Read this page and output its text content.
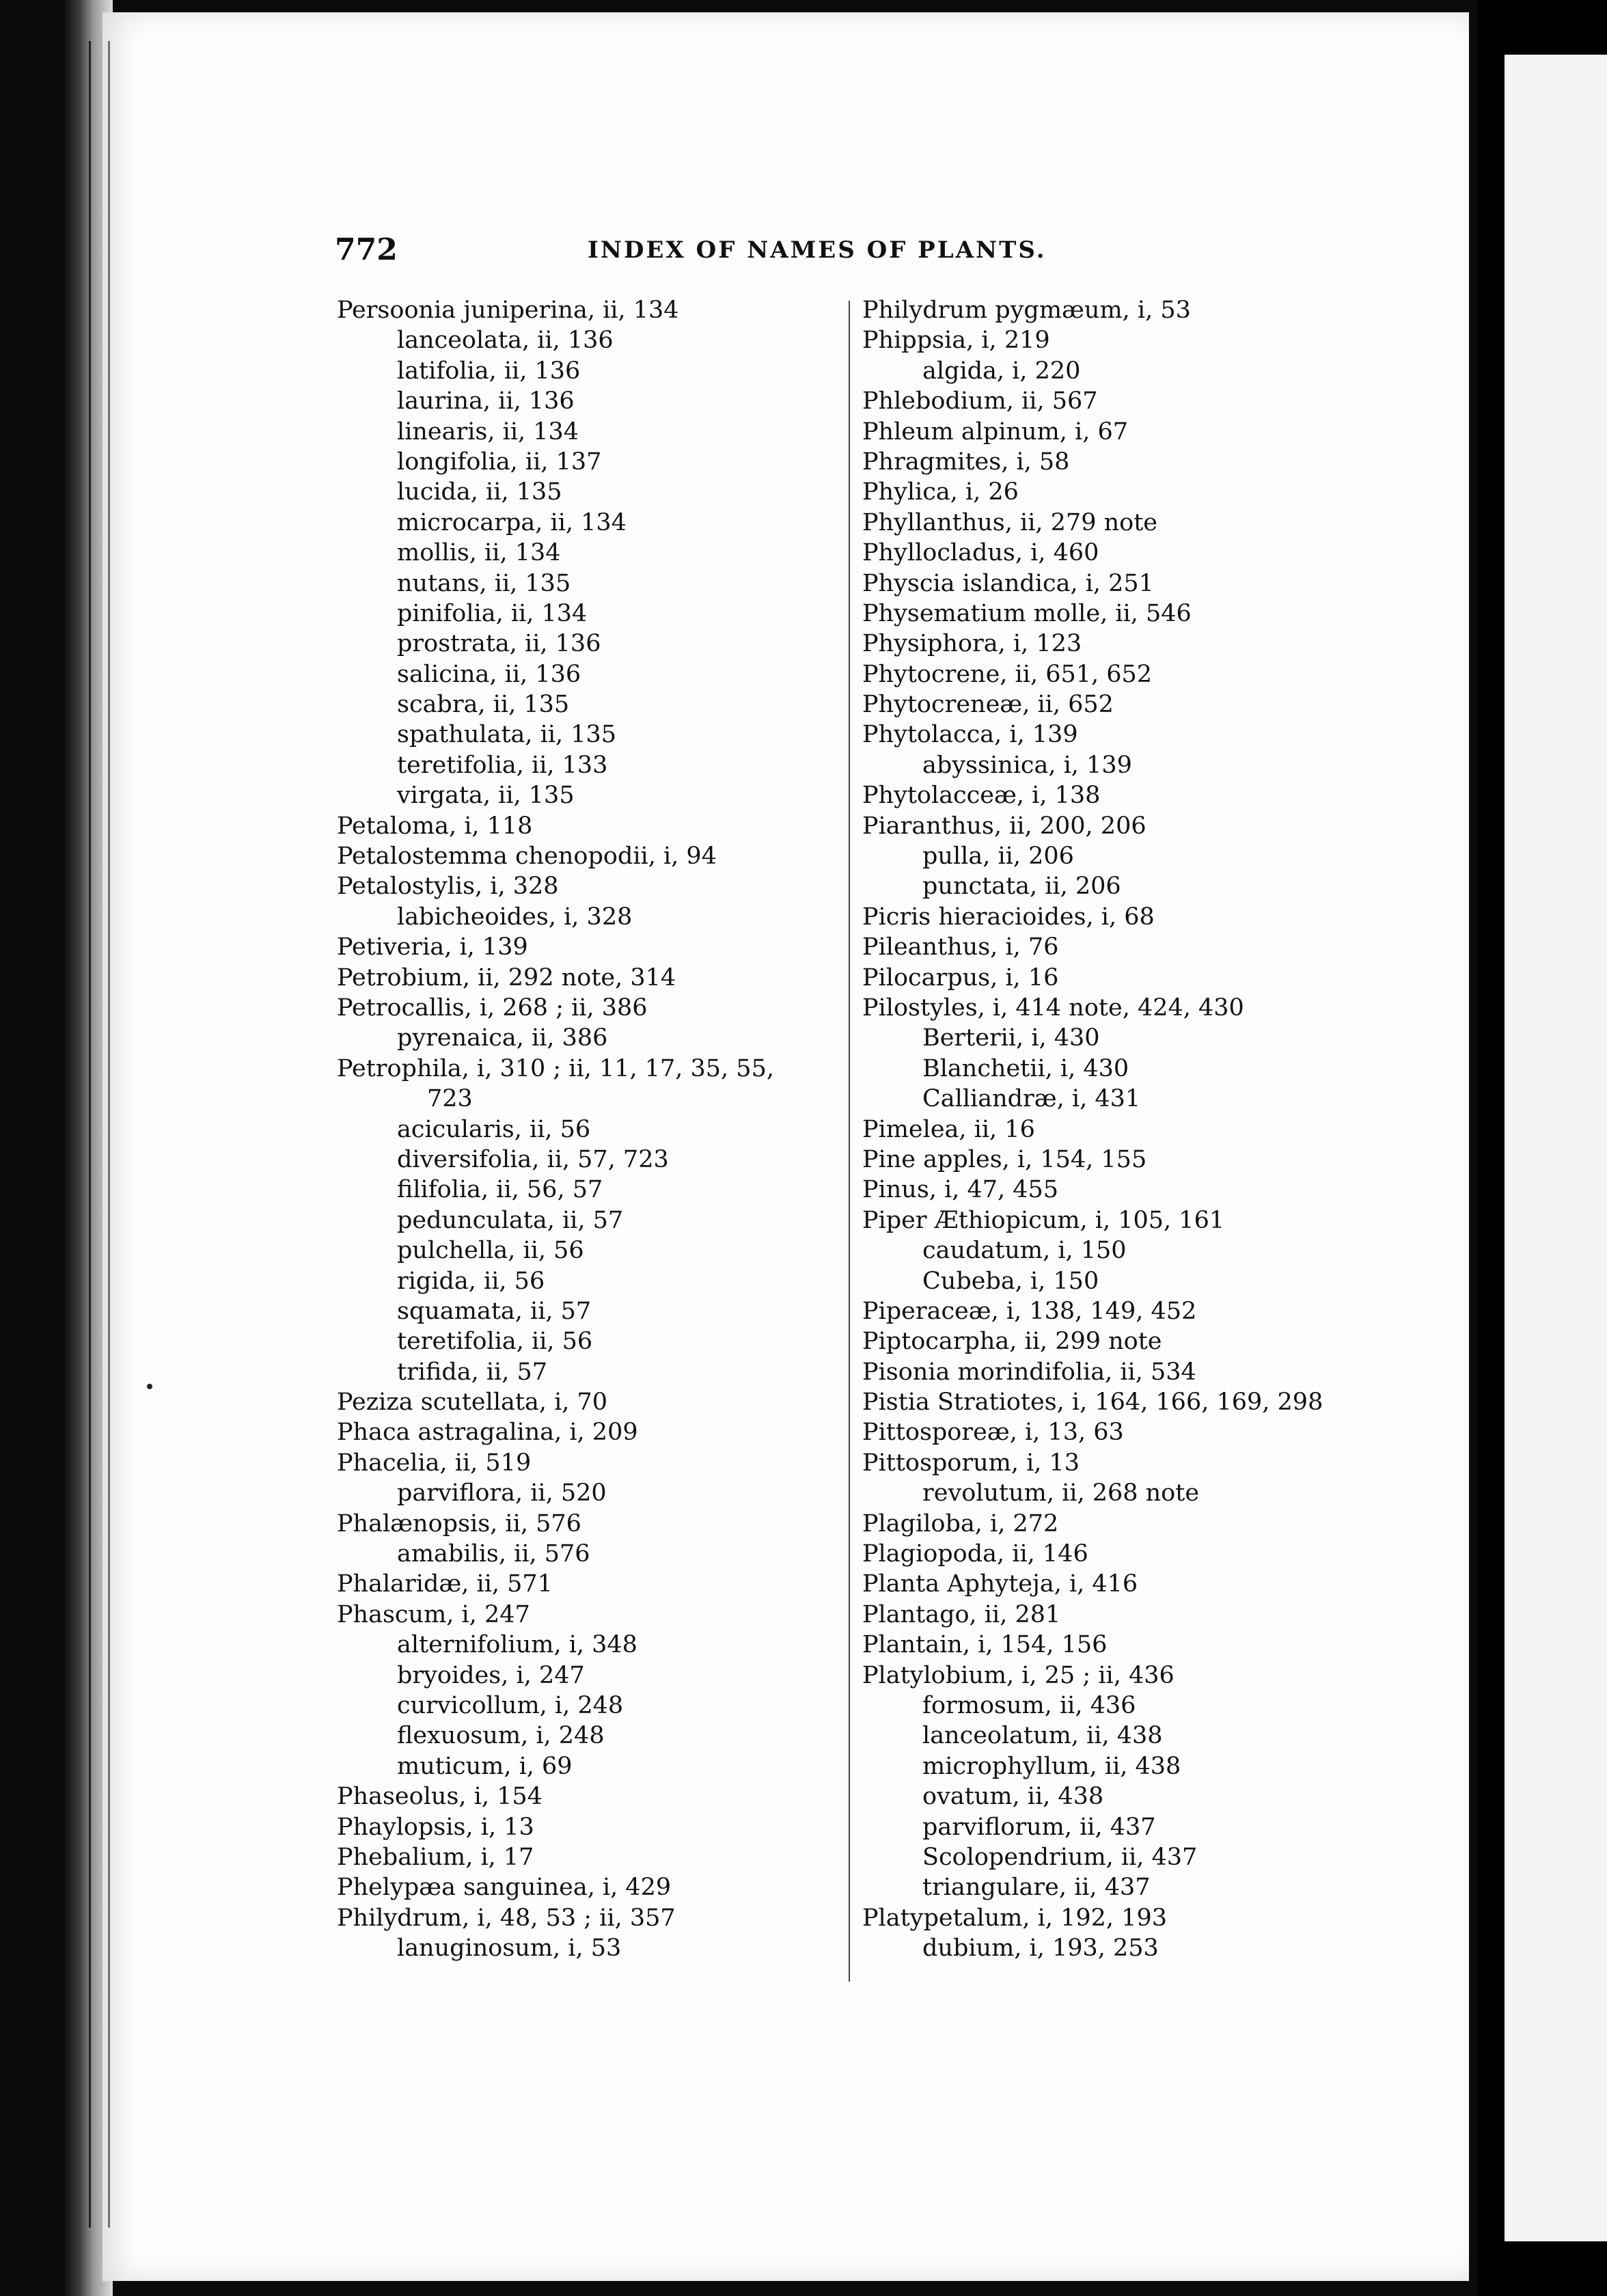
772	INDEX OF NAMES OF PLANTS.
Persoonia juniperina, ii, 134
lanceolata, ii, 136
latifolia, ii, 136
laurina, ii, 136
linearis, ii, 134
longifolia, ii, 137
lucida, ii, 135
microcarpa, ii, 134
mollis, ii, 134
nutans, ii, 135
pinifolia, ii, 134
prostrata, ii, 136
salicina, ii, 136
scabra, ii, 135
spathulata, ii, 135
teretifolia, ii, 133
virgata, ii, 135
Petaloma, i, 118
Petalostemma chenopodii, i, 94
Petalostylis, i, 328
labicheoides, i, 328
Petiveria, i, 139
Petrobium, ii, 292 note, 314
Petrocallis, i, 268 ; ii, 386
pyrenaica, ii, 386
Petrophila, i, 310 ; ii, 11, 17, 35, 55,
723
acicularis, ii, 56
diversifolia, ii, 57, 723
filifolia, ii, 56, 57
pedunculata, ii, 57
pulchella, ii, 56
rigida, ii, 56
squamata, ii, 57
teretifolia, ii, 56
trifida, ii, 57
Peziza scutellata, i, 70
Phaca astragalina, i, 209
Phacelia, ii, 519
parviflora, ii, 520
Phalænopsis, ii, 576
amabilis, ii, 576
Phalaridæ, ii, 571
Phascum, i, 247
alternifolium, i, 348
bryoides, i, 247
curvicollum, i, 248
flexuosum, i, 248
muticum, i, 69
Phaseolus, i, 154
Phaylopsis, i, 13
Phebalium, i, 17
Phelypæa sanguinea, i, 429
Philydrum, i, 48, 53 ; ii, 357
lanuginosum, i, 53
Philydrum pygmæum, i, 53
Phippsia, i, 219
algida, i, 220
Phlebodium, ii, 567
Phleum alpinum, i, 67
Phragmites, i, 58
Phylica, i, 26
Phyllanthus, ii, 279 note
Phyllocladus, i, 460
Physcia islandica, i, 251
Physematium molle, ii, 546
Physiphora, i, 123
Phytocrene, ii, 651, 652
Phytocreneæ, ii, 652
Phytolacca, i, 139
abyssinica, i, 139
Phytolacceæ, i, 138
Piaranthus, ii, 200, 206
pulla, ii, 206
punctata, ii, 206
Picris hieracioides, i, 68
Pileanthus, i, 76
Pilocarpus, i, 16
Pilostyles, i, 414 note, 424, 430
Berterii, i, 430
Blanchetii, i, 430
Calliandræ, i, 431
Pimelea, ii, 16
Pine apples, i, 154, 155
Pinus, i, 47, 455
Piper Æthiopicum, i, 105, 161
caudatum, i, 150
Cubeba, i, 150
Piperaceæ, i, 138, 149, 452
Piptocarpha, ii, 299 note
Pisonia morindifolia, ii, 534
Pistia Stratiotes, i, 164, 166, 169, 298
Pittosporeæ, i, 13, 63
Pittosporum, i, 13
revolutum, ii, 268 note
Plagiloba, i, 272
Plagiopoda, ii, 146
Planta Aphyteja, i, 416
Plantago, ii, 281
Plantain, i, 154, 156
Platylobium, i, 25 ; ii, 436
formosum, ii, 436
lanceolatum, ii, 438
microphyllum, ii, 438
ovatum, ii, 438
parviflorum, ii, 437
Scolopendrium, ii, 437
triangulare, ii, 437
Platypetalum, i, 192, 193
dubium, i, 193, 253
